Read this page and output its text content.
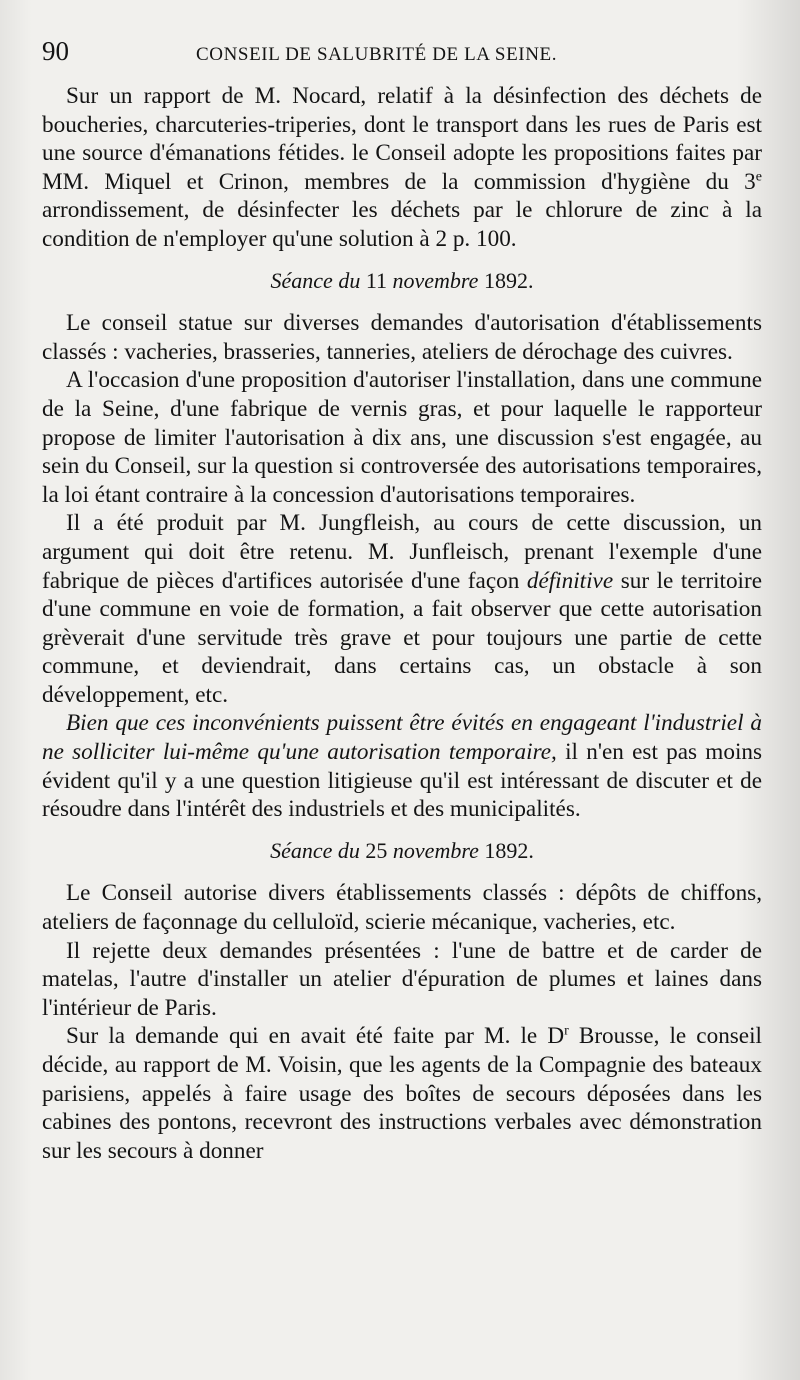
90	CONSEIL DE SALUBRITÉ DE LA SEINE.

Sur un rapport de M. Nocard, relatif à la désinfection des déchets de boucheries, charcuteries-triperies, dont le transport dans les rues de Paris est une source d'émanations fétides. le Conseil adopte les propositions faites par MM. Miquel et Crinon, membres de la commission d'hygiène du 3e arrondissement, de désinfecter les déchets par le chlorure de zinc à la condition de n'employer qu'une solution à 2 p. 100.

Séance du 11 novembre 1892.

Le conseil statue sur diverses demandes d'autorisation d'établissements classés : vacheries, brasseries, tanneries, ateliers de dérochage des cuivres.

A l'occasion d'une proposition d'autoriser l'installation, dans une commune de la Seine, d'une fabrique de vernis gras, et pour laquelle le rapporteur propose de limiter l'autorisation à dix ans, une discussion s'est engagée, au sein du Conseil, sur la question si controversée des autorisations temporaires, la loi étant contraire à la concession d'autorisations temporaires.

Il a été produit par M. Jungfleish, au cours de cette discussion, un argument qui doit être retenu. M. Junfleisch, prenant l'exemple d'une fabrique de pièces d'artifices autorisée d'une façon définitive sur le territoire d'une commune en voie de formation, a fait observer que cette autorisation grèverait d'une servitude très grave et pour toujours une partie de cette commune, et deviendrait, dans certains cas, un obstacle à son développement, etc.

Bien que ces inconvénients puissent être évités en engageant l'industriel à ne solliciter lui-même qu'une autorisation temporaire, il n'en est pas moins évident qu'il y a une question litigieuse qu'il est intéressant de discuter et de résoudre dans l'intérêt des industriels et des municipalités.

Séance du 25 novembre 1892.

Le Conseil autorise divers établissements classés : dépôts de chiffons, ateliers de façonnage du celluloïd, scierie mécanique, vacheries, etc.

Il rejette deux demandes présentées : l'une de battre et de carder de matelas, l'autre d'installer un atelier d'épuration de plumes et laines dans l'intérieur de Paris.

Sur la demande qui en avait été faite par M. le $D^r$ Brousse, le conseil décide, au rapport de M. Voisin, que les agents de la Compagnie des bateaux parisiens, appelés à faire usage des boîtes de secours déposées dans les cabines des pontons, recevront des instructions verbales avec démonstration sur les secours à donner
